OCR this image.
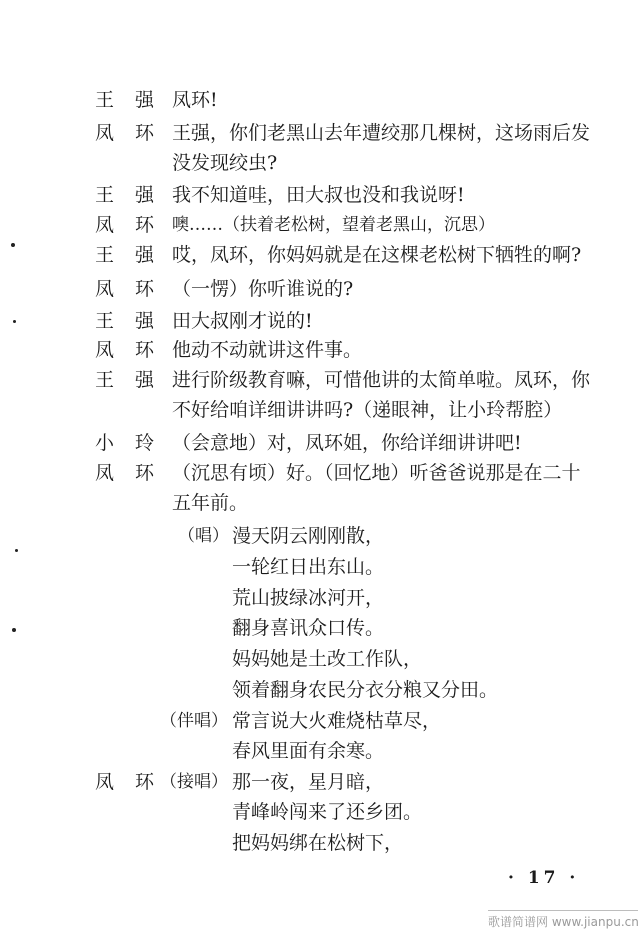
王 强 凤环!
凤 环 王强，你们老黑山去年遭绞那几棵树，这场雨后发
没发现绞虫?
王 强 我不知道哇，田大叔也没和我说呀!
凤 环 噢……（扶着老松树，望着老黑山，沉思）
王 强 哎，凤环，你妈妈就是在这棵老松树下牺牲的啊?
凤 环 （一愣）你听谁说的?
王 强 田大叔刚才说的!
凤 环 他动不动就讲这件事。
王 强 进行阶级教育嘛，可惜他讲的太简单啦。凤环，你
不好给咱详细讲讲吗?（递眼神，让小玲帮腔）
小 玲 （会意地）对，凤环姐，你给详细讲讲吧!
凤 环 （沉思有顷）好。（回忆地）听爸爸说那是在二十
五年前。
（唱） 漫天阴云刚刚散，
一轮红日出东山。
荒山披绿冰河开，
翻身喜讯众口传。
妈妈她是土改工作队，
领着翻身农民分衣分粮又分田。
（伴唱） 常言说大火难烧枯草尽，
春风里面有余寒。
凤 环 （接唱） 那一夜，星月暗，
青峰岭闯来了还乡团。
把妈妈绑在松树下，
· 17 ·
歌谱简谱网 www.jianpu.cn
